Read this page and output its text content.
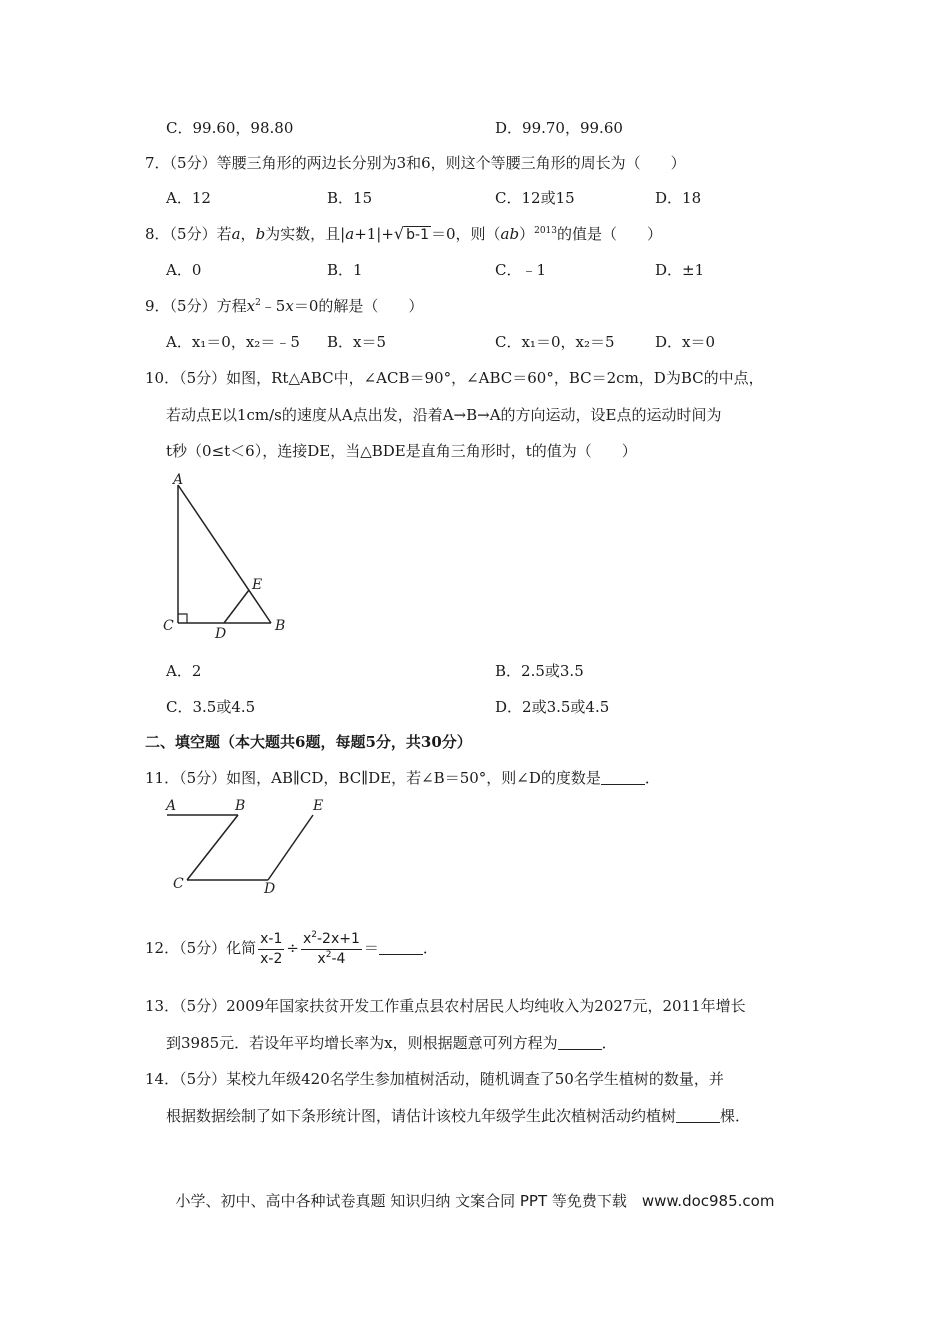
C．99.60，98.80	D．99.70，99.60
7．（5分）等腰三角形的两边长分别为3和6，则这个等腰三角形的周长为（　　）
A．12	B．15	C．12或15	D．18
8．（5分）若a，b为实数，且|a+1|+√ b-1 ＝0，则（ab）$^{2013}$的值是（　　）
A．0	B．1	C．﹣1	D．±1
9．（5分）方程$x^2﹣5x=0$的解是（　　）
A．x₁＝0，x₂＝﹣5 B．x＝5	C．x₁＝0，x₂＝5	D．x＝0
10．（5分）如图，Rt△ABC中，∠ACB＝90°，∠ABC＝60°，BC＝2cm，D为BC的中点，
若动点E以1cm/s的速度从A点出发，沿着A→B→A的方向运动，设E点的运动时间为
t秒（0≤t＜6），连接DE，当△BDE是直角三角形时，t的值为（　　）
A
C	D
E
B
A．2	B．2.5或3.5
C．3.5或4.5	D．2或3.5或4.5
二、填空题（本大题共6题，每题5分，共30分）
11．（5分）如图，AB∥CD，BC∥DE，若∠B＝50°，则∠D的度数是	．
A	B
C	D
E
12．（5分）化简 $\frac{x-1}{x-2} \div \frac{x^2-2x+1}{x^2-4}$ ＝	．
13．（5分）2009年国家扶贫开发工作重点县农村居民人均纯收入为2027元，2011年增长
到3985元．若设年平均增长率为x，则根据题意可列方程为	．
14．（5分）某校九年级420名学生参加植树活动，随机调查了50名学生植树的数量，并
根据数据绘制了如下条形统计图，请估计该校九年级学生此次植树活动约植树	棵．
小学、初中、高中各种试卷真题 知识归纳 文案合同 PPT 等免费下载　www.doc985.com
